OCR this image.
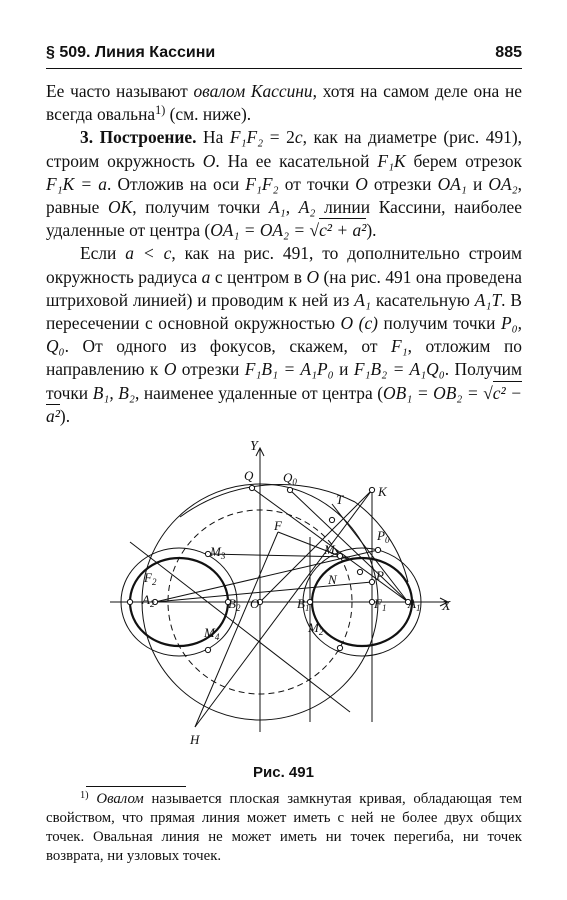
§ 509. Линия Кассини	885

Ее часто называют овалом Кассини, хотя на самом деле она не всегда овальна$^{1)}$ (см. ниже).

3. Построение. На F₁F₂ = 2c, как на диаметре (рис. 491), строим окружность O. На ее касательной F₁K берем отрезок F₁K = a. Отложив на оси F₁F₂ от точки O отрезки OA₁ и OA₂, равные OK, получим точки A₁, A₂ линии Кассини, наиболее удаленные от центра (OA₁ = OA₂ = √c² + a²).

Если a < c, как на рис. 491, то дополнительно строим окружность радиуса a с центром в O (на рис. 491 она проведена штриховой линией) и проводим к ней из A₁ касательную A₁T. В пересечении с основной окружностью O (c) получим точки P₀, Q₀. От одного из фокусов, скажем, от F₁, отложим по направлению к O отрезки F₁B₁ = A₁P₀ и F₁B₂ = A₁Q₀. Получим точки B₁, B₂, наименее удаленные от центра (OB₁ = OB₂ = √c² − a²).

Y
X
Q $Q_0$
T
K
F
$P_0$
P
$M_3$	$M_1$
N
$F_2$
$A_2$	$B_2$ O	$B_1$	$F_1$ $A_1$
$M_4$
$M_2$
H
Рис. 491

$^{1)}$ Овалом называется плоская замкнутая кривая, обладающая тем свойством, что прямая линия может иметь с ней не более двух общих точек. Овальная линия не может иметь ни точек перегиба, ни точек возврата, ни узловых точек.
